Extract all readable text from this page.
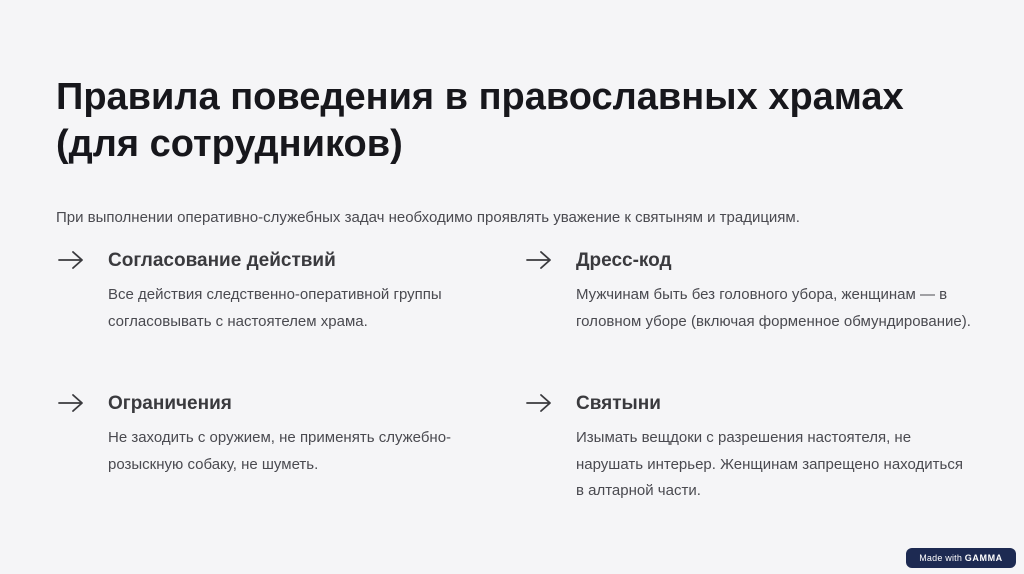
Правила поведения в православных храмах
(для сотрудников)
При выполнении оперативно-служебных задач необходимо проявлять уважение к святыням и традициям.
Согласование действий
Все действия следственно-оперативной группы согласовывать с настоятелем храма.
Дресс-код
Мужчинам быть без головного убора, женщинам — в головном уборе (включая форменное обмундирование).
Ограничения
Не заходить с оружием, не применять служебно-розыскную собаку, не шуметь.
Святыни
Изымать вещдоки с разрешения настоятеля, не нарушать интерьер. Женщинам запрещено находиться в алтарной части.
Made with GAMMA
